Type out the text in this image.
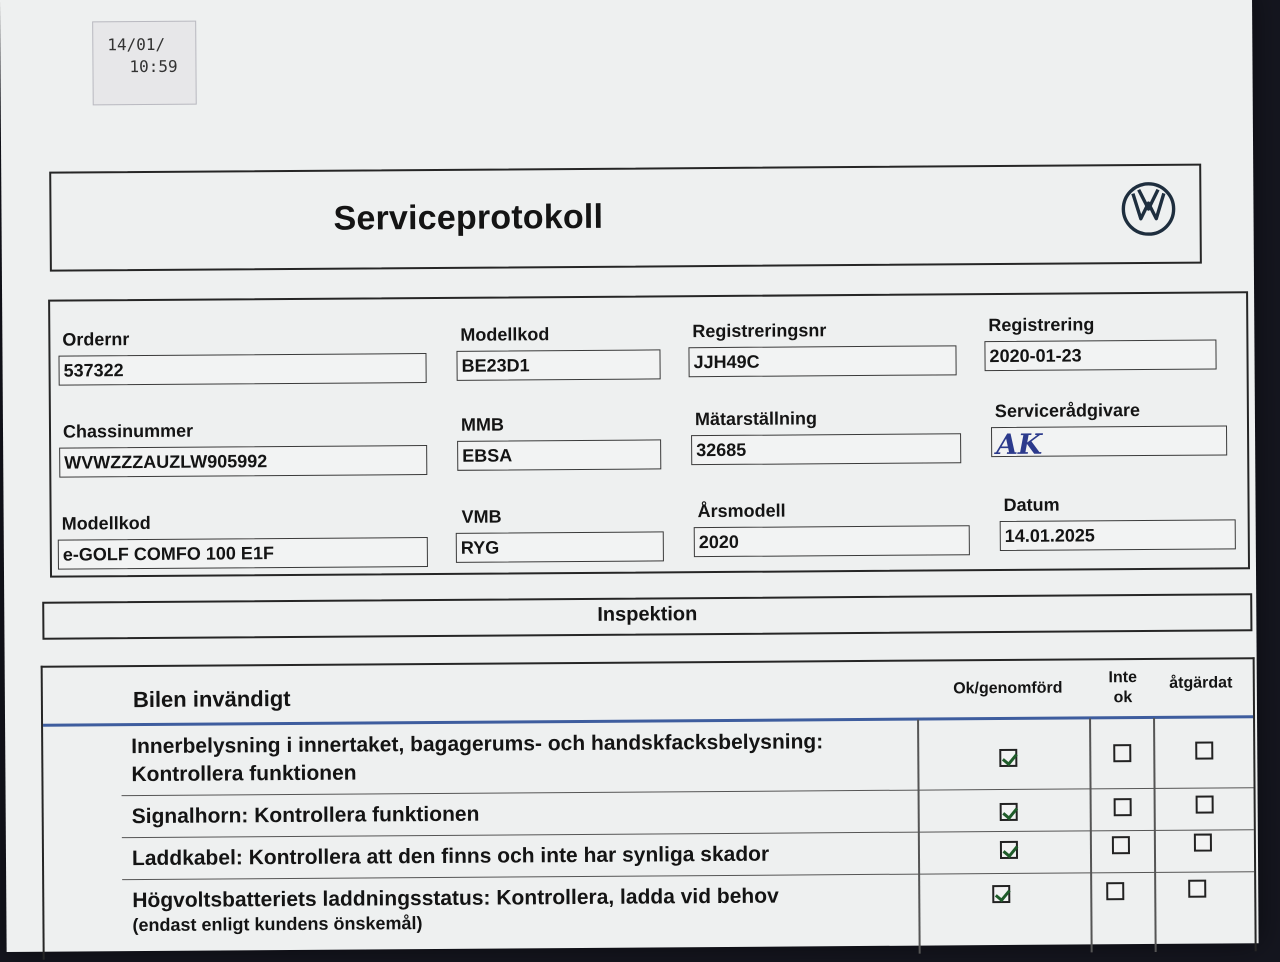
14/01/
10:59
Serviceprotokoll
Ordernr
537322
Modellkod
BE23D1
Registreringsnr
JJH49C
Registrering
2020-01-23
Chassinummer
WVWZZZAUZLW905992
MMB
EBSA
Mätarställning
32685
Servicerådgivare
AK
Modellkod
e-GOLF COMFO 100 E1F
VMB
RYG
Årsmodell
2020
Datum
14.01.2025
Inspektion
Bilen invändigt	Ok/genomförd
Inte
ok
åtgärdat
Innerbelysning i innertaket, bagagerums- och handskfacksbelysning:
Kontrollera funktionen
Signalhorn: Kontrollera funktionen
Laddkabel: Kontrollera att den finns och inte har synliga skador
Högvoltsbatteriets laddningsstatus: Kontrollera, ladda vid behov
(endast enligt kundens önskemål)
